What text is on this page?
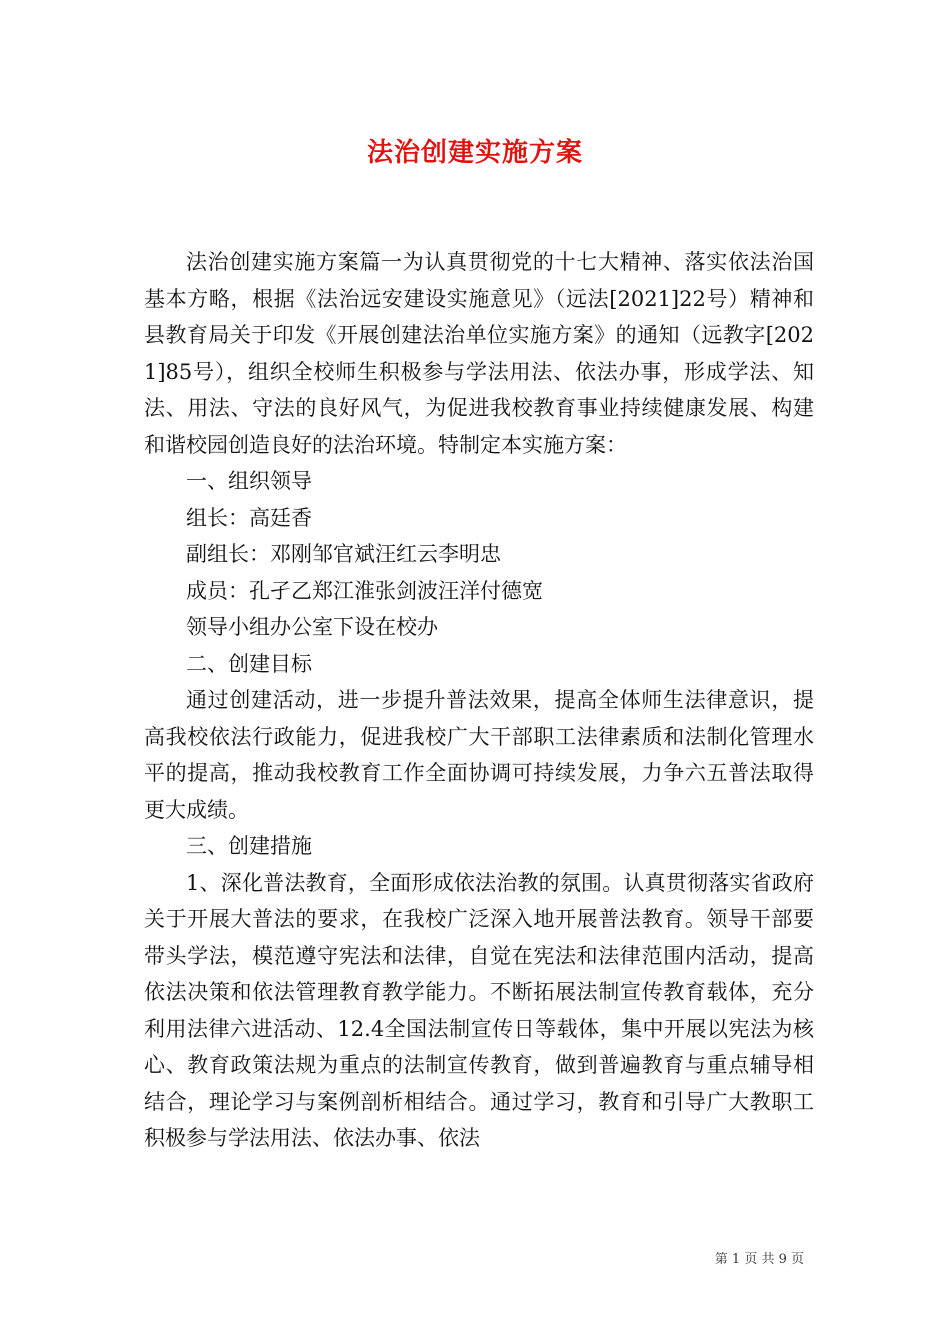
法治创建实施方案

法治创建实施方案篇一为认真贯彻党的十七大精神、落实依法治国基本方略，根据《法治远安建设实施意见》（远法[2021]22号）精神和县教育局关于印发《开展创建法治单位实施方案》的通知（远教字[2021]85号），组织全校师生积极参与学法用法、依法办事，形成学法、知法、用法、守法的良好风气，为促进我校教育事业持续健康发展、构建和谐校园创造良好的法治环境。特制定本实施方案：

一、组织领导

组长：高廷香

副组长：邓刚邹官斌汪红云李明忠

成员：孔孑乙郑江淮张剑波汪洋付德宽

领导小组办公室下设在校办

二、创建目标

通过创建活动，进一步提升普法效果，提高全体师生法律意识，提高我校依法行政能力，促进我校广大干部职工法律素质和法制化管理水平的提高，推动我校教育工作全面协调可持续发展，力争六五普法取得更大成绩。

三、创建措施

1、深化普法教育，全面形成依法治教的氛围。认真贯彻落实省政府关于开展大普法的要求，在我校广泛深入地开展普法教育。领导干部要带头学法，模范遵守宪法和法律，自觉在宪法和法律范围内活动，提高依法决策和依法管理教育教学能力。不断拓展法制宣传教育载体，充分利用法律六进活动、12.4全国法制宣传日等载体，集中开展以宪法为核心、教育政策法规为重点的法制宣传教育，做到普遍教育与重点辅导相结合，理论学习与案例剖析相结合。通过学习，教育和引导广大教职工积极参与学法用法、依法办事、依法

第 1 页 共 9 页
